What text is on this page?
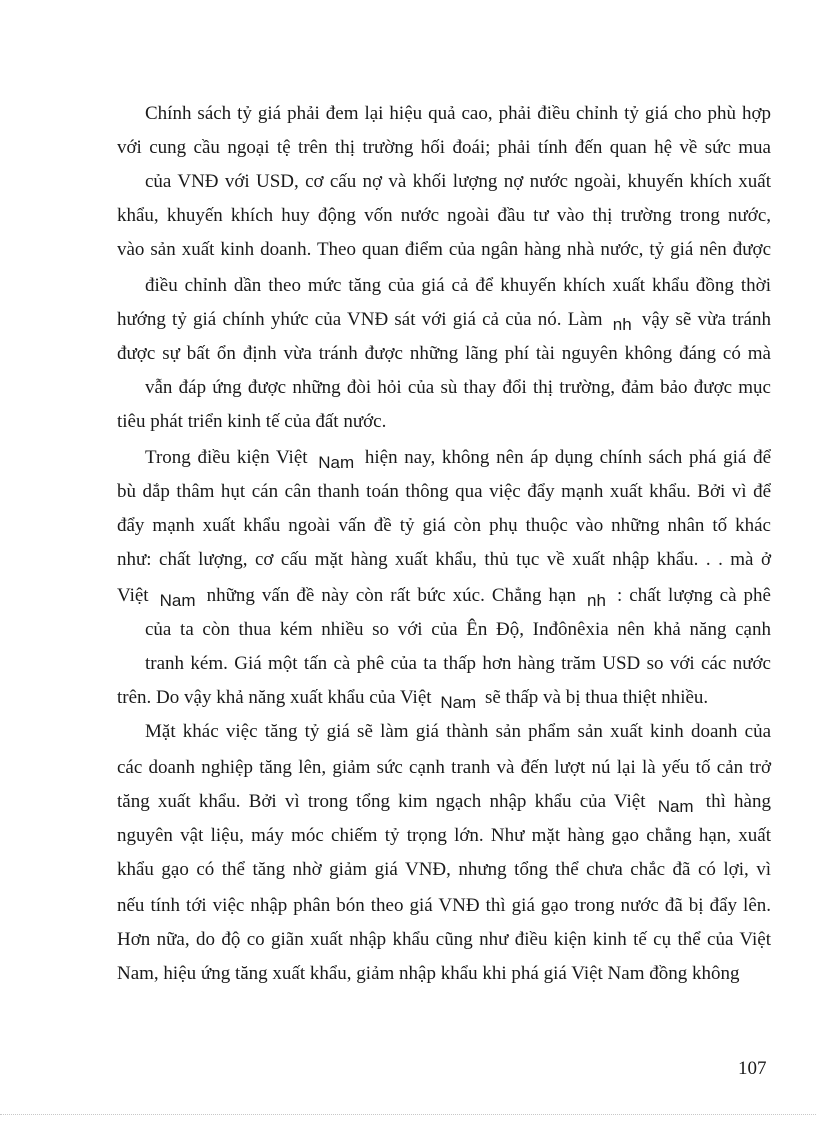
Chính sách tỷ giá phải đem lại hiệu quả cao, phải điều chỉnh tỷ giá cho phù hợp
với cung cầu ngoại tệ trên thị trường hối đoái; phải tính đến quan hệ về sức mua
của VNĐ với USD, cơ cấu nợ và khối lượng nợ nước ngoài, khuyến khích xuất
khẩu, khuyến khích huy động vốn nước ngoài đầu tư vào thị trường trong nước,
vào sản xuất kinh doanh. Theo quan điểm của ngân hàng nhà nước, tỷ giá nên được
điều chỉnh dần theo mức tăng của giá cả để khuyến khích xuất khẩu đồng thời
hướng tỷ giá chính yhức của VNĐ sát với giá cả của nó. Làm nh vậy sẽ vừa tránh
được sự bất ổn định vừa tránh được những lãng phí tài nguyên không đáng có mà
vẫn đáp ứng được những đòi hỏi của sù thay đổi thị trường, đảm bảo được mục
tiêu phát triển kinh tế của đất nước.
Trong điều kiện Việt Nam hiện nay, không nên áp dụng chính sách phá giá để
bù dắp thâm hụt cán cân thanh toán thông qua việc đẩy mạnh xuất khẩu. Bởi vì để
đẩy mạnh xuất khẩu ngoài vấn đề tỷ giá còn phụ thuộc vào những nhân tố khác
như: chất lượng, cơ cấu mặt hàng xuất khẩu, thủ tục về xuất nhập khẩu. . . mà ở
Việt Nam những vấn đề này còn rất bức xúc. Chẳng hạn nh : chất lượng cà phê
của ta còn thua kém nhiều so với của Ên Độ, Inđônêxia nên khả năng cạnh
tranh kém. Giá một tấn cà phê của ta thấp hơn hàng trăm USD so với các nước
trên. Do vậy khả năng xuất khẩu của Việt Nam sẽ thấp và bị thua thiệt nhiều.
Mặt khác việc tăng tỷ giá sẽ làm giá thành sản phẩm sản xuất kinh doanh của
các doanh nghiệp tăng lên, giảm sức cạnh tranh và đến lượt nú lại là yếu tố cản trở
tăng xuất khẩu. Bởi vì trong tổng kim ngạch nhập khẩu của Việt Nam thì hàng
nguyên vật liệu, máy móc chiếm tỷ trọng lớn. Như mặt hàng gạo chẳng hạn, xuất
khẩu gạo có thể tăng nhờ giảm giá VNĐ, nhưng tổng thể chưa chắc đã có lợi, vì
nếu tính tới việc nhập phân bón theo giá VNĐ thì giá gạo trong nước đã bị đẩy lên.
Hơn nữa, do độ co giãn xuất nhập khẩu cũng như điều kiện kinh tế cụ thể của Việt
Nam, hiệu ứng tăng xuất khẩu, giảm nhập khẩu khi phá giá Việt Nam đồng không
107
